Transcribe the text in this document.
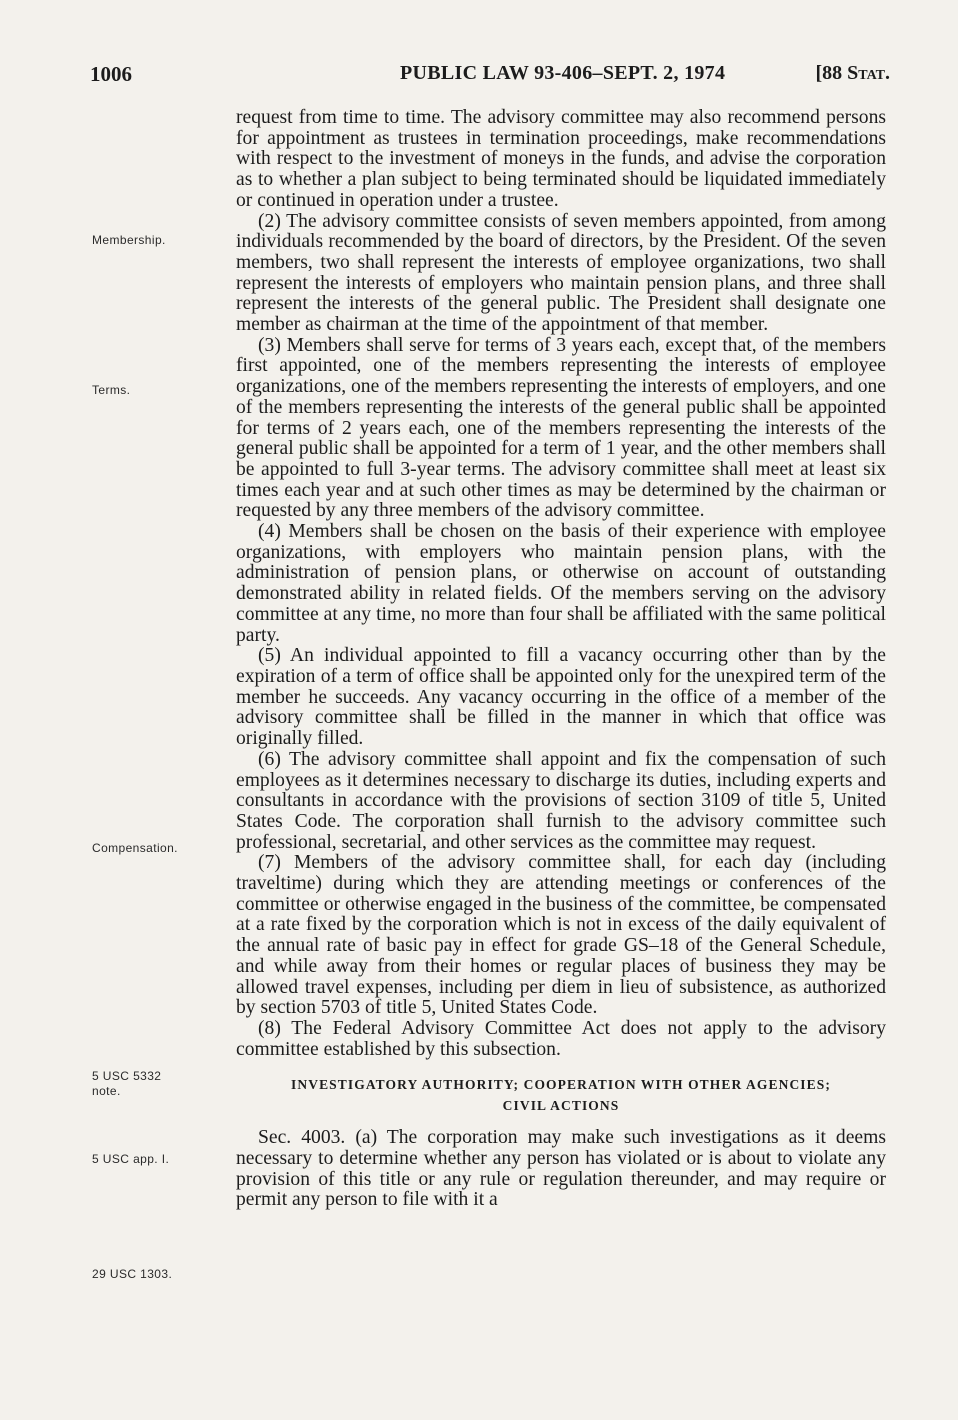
1006	PUBLIC LAW 93-406–SEPT. 2, 1974	[88 Stat.
Membership.
Terms.
Compensation.
5 USC 5332
note.
5 USC app. I.
29 USC 1303.

request from time to time. The advisory committee may also recommend persons for appointment as trustees in termination proceedings, make recommendations with respect to the investment of moneys in the funds, and advise the corporation as to whether a plan subject to being terminated should be liquidated immediately or continued in operation under a trustee.

(2) The advisory committee consists of seven members appointed, from among individuals recommended by the board of directors, by the President. Of the seven members, two shall represent the interests of employee organizations, two shall represent the interests of employers who maintain pension plans, and three shall represent the interests of the general public. The President shall designate one member as chairman at the time of the appointment of that member.

(3) Members shall serve for terms of 3 years each, except that, of the members first appointed, one of the members representing the interests of employee organizations, one of the members representing the interests of employers, and one of the members representing the interests of the general public shall be appointed for terms of 2 years each, one of the members representing the interests of the general public shall be appointed for a term of 1 year, and the other members shall be appointed to full 3-year terms. The advisory committee shall meet at least six times each year and at such other times as may be determined by the chairman or requested by any three members of the advisory committee.

(4) Members shall be chosen on the basis of their experience with employee organizations, with employers who maintain pension plans, with the administration of pension plans, or otherwise on account of outstanding demonstrated ability in related fields. Of the members serving on the advisory committee at any time, no more than four shall be affiliated with the same political party.

(5) An individual appointed to fill a vacancy occurring other than by the expiration of a term of office shall be appointed only for the unexpired term of the member he succeeds. Any vacancy occurring in the office of a member of the advisory committee shall be filled in the manner in which that office was originally filled.

(6) The advisory committee shall appoint and fix the compensation of such employees as it determines necessary to discharge its duties, including experts and consultants in accordance with the provisions of section 3109 of title 5, United States Code. The corporation shall furnish to the advisory committee such professional, secretarial, and other services as the committee may request.

(7) Members of the advisory committee shall, for each day (including traveltime) during which they are attending meetings or conferences of the committee or otherwise engaged in the business of the committee, be compensated at a rate fixed by the corporation which is not in excess of the daily equivalent of the annual rate of basic pay in effect for grade GS–18 of the General Schedule, and while away from their homes or regular places of business they may be allowed travel expenses, including per diem in lieu of subsistence, as authorized by section 5703 of title 5, United States Code.

(8) The Federal Advisory Committee Act does not apply to the advisory committee established by this subsection.

INVESTIGATORY AUTHORITY; COOPERATION WITH OTHER AGENCIES;
CIVIL ACTIONS

Sec. 4003. (a) The corporation may make such investigations as it deems necessary to determine whether any person has violated or is about to violate any provision of this title or any rule or regulation thereunder, and may require or permit any person to file with it a
